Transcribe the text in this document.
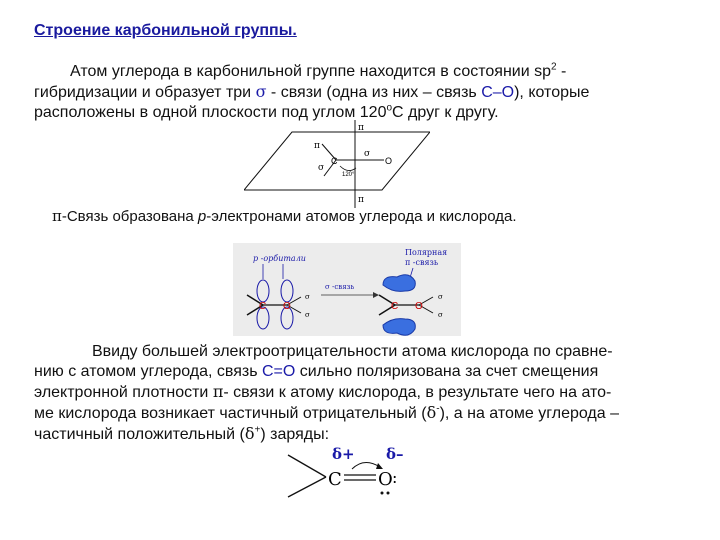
Строение карбонильной группы.

Атом углерода в карбонильной группе находится в состоянии $sp^2$ -
гибридизации и образует три σ - связи (одна из них – связь C–O), которые
расположены в одной плоскости под углом 120$^o$C друг к другу.

π
π
σ
σ
C	O
120°
π

π-Связь образована p-электронами атомов углерода и кислорода.

p -орбитали
C O
σ
σ
σ -связь
Полярная
π -связь
C O
σ
σ

Ввиду большей электроотрицательности атома кислорода по сравне-
нию с атомом углерода, связь C=O сильно поляризована за счет смещения
электронной плотности π- связи к атому кислорода, в результате чего на ато-
ме кислорода возникает частичный отрицательный (δ-), а на атоме углерода –
частичный положительный (δ+) заряды:

δ+ δ–
C O :
